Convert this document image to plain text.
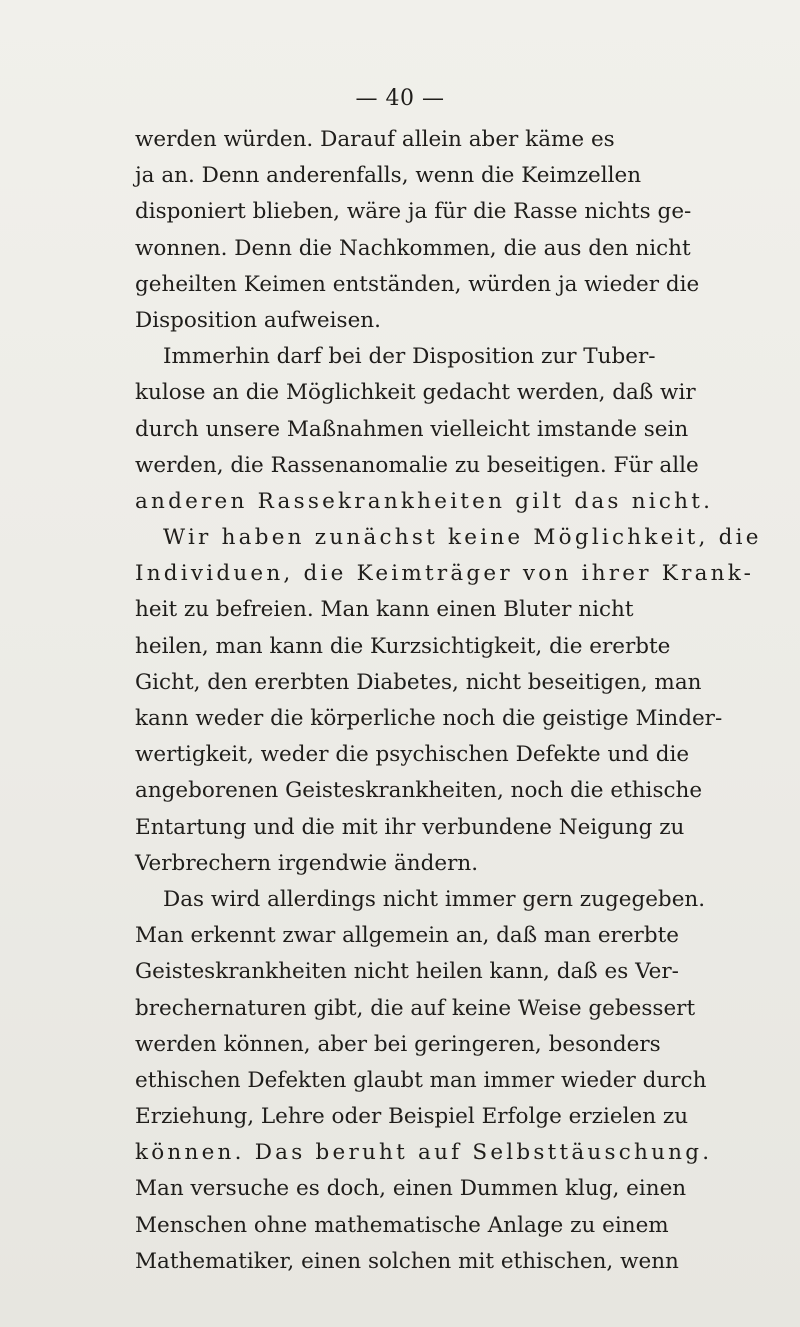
— 40 —
werden würden. Darauf allein aber käme es
ja an. Denn anderenfalls, wenn die Keimzellen
disponiert blieben, wäre ja für die Rasse nichts ge-
wonnen. Denn die Nachkommen, die aus den nicht
geheilten Keimen entständen, würden ja wieder die
Disposition aufweisen.
Immerhin darf bei der Disposition zur Tuber-
kulose an die Möglichkeit gedacht werden, daß wir
durch unsere Maßnahmen vielleicht imstande sein
werden, die Rassenanomalie zu beseitigen. Für alle
anderen Rassekrankheiten gilt das nicht.
Wir haben zunächst keine Möglichkeit, die
Individuen, die Keimträger von ihrer Krank-
heit zu befreien. Man kann einen Bluter nicht
heilen, man kann die Kurzsichtigkeit, die ererbte
Gicht, den ererbten Diabetes, nicht beseitigen, man
kann weder die körperliche noch die geistige Minder-
wertigkeit, weder die psychischen Defekte und die
angeborenen Geisteskrankheiten, noch die ethische
Entartung und die mit ihr verbundene Neigung zu
Verbrechern irgendwie ändern.
Das wird allerdings nicht immer gern zugegeben.
Man erkennt zwar allgemein an, daß man ererbte
Geisteskrankheiten nicht heilen kann, daß es Ver-
brechernaturen gibt, die auf keine Weise gebessert
werden können, aber bei geringeren, besonders
ethischen Defekten glaubt man immer wieder durch
Erziehung, Lehre oder Beispiel Erfolge erzielen zu
können. Das beruht auf Selbsttäuschung.
Man versuche es doch, einen Dummen klug, einen
Menschen ohne mathematische Anlage zu einem
Mathematiker, einen solchen mit ethischen, wenn
